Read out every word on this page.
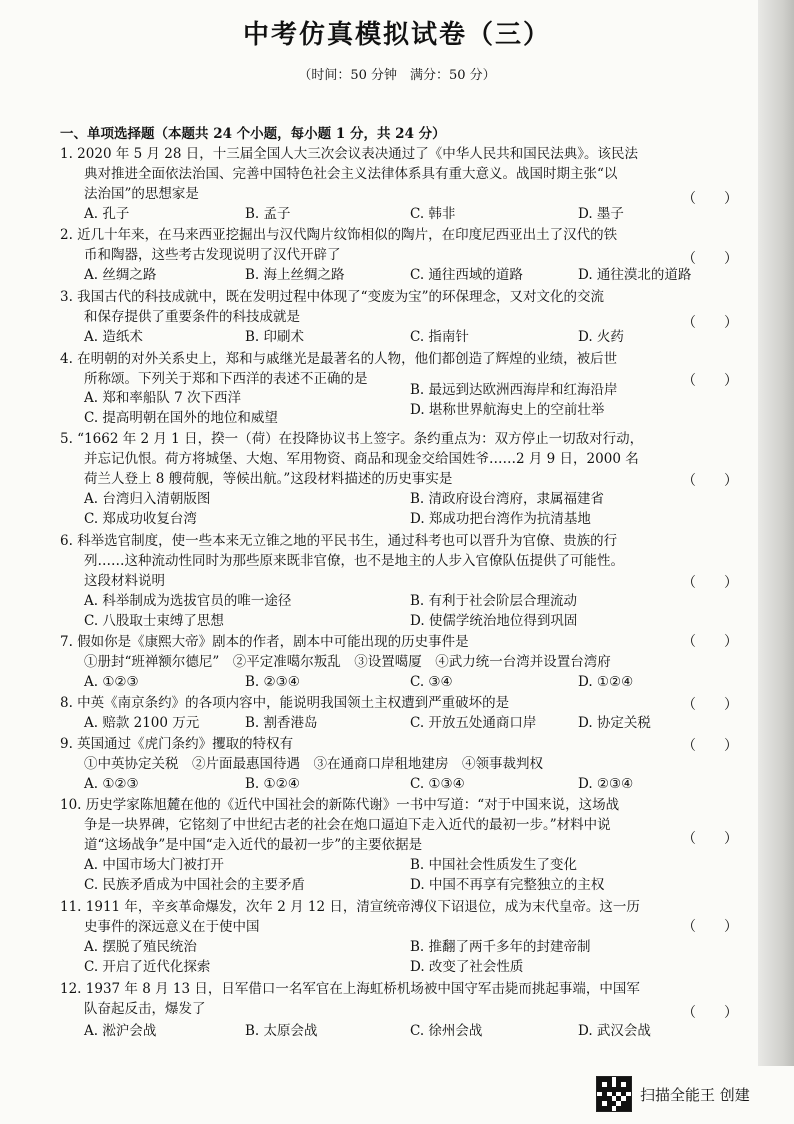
中考仿真模拟试卷（三）
（时间：50 分钟　满分：50 分）
一、单项选择题（本题共 24 个小题，每小题 1 分，共 24 分）
1. 2020 年 5 月 28 日，十三届全国人大三次会议表决通过了《中华人民共和国民法典》。该民法
典对推进全面依法治国、完善中国特色社会主义法律体系具有重大意义。战国时期主张“以
法治国”的思想家是	（　　）
A. 孔子	B. 孟子	C. 韩非	D. 墨子
2. 近几十年来，在马来西亚挖掘出与汉代陶片纹饰相似的陶片，在印度尼西亚出土了汉代的铁
币和陶器，这些考古发现说明了汉代开辟了	（　　）
A. 丝绸之路	B. 海上丝绸之路	C. 通往西域的道路	D. 通往漠北的道路
3. 我国古代的科技成就中，既在发明过程中体现了“变废为宝”的环保理念，又对文化的交流
和保存提供了重要条件的科技成就是	（　　）
A. 造纸术	B. 印刷术	C. 指南针	D. 火药
4. 在明朝的对外关系史上，郑和与戚继光是最著名的人物，他们都创造了辉煌的业绩，被后世
所称颂。下列关于郑和下西洋的表述不正确的是	（　　）
A. 郑和率船队 7 次下西洋	B. 最远到达欧洲西海岸和红海沿岸
C. 提高明朝在国外的地位和威望	D. 堪称世界航海史上的空前壮举
5. “1662 年 2 月 1 日，揆一（荷）在投降协议书上签字。条约重点为：双方停止一切敌对行动，
并忘记仇恨。荷方将城堡、大炮、军用物资、商品和现金交给国姓爷……2 月 9 日，2000 名
荷兰人登上 8 艘荷舰，等候出航。”这段材料描述的历史事实是	（　　）
A. 台湾归入清朝版图	B. 清政府设台湾府，隶属福建省
C. 郑成功收复台湾	D. 郑成功把台湾作为抗清基地
6. 科举选官制度，使一些本来无立锥之地的平民书生，通过科考也可以晋升为官僚、贵族的行
列……这种流动性同时为那些原来既非官僚，也不是地主的人步入官僚队伍提供了可能性。
这段材料说明	（　　）
A. 科举制成为选拔官员的唯一途径	B. 有利于社会阶层合理流动
C. 八股取士束缚了思想	D. 使儒学统治地位得到巩固
7. 假如你是《康熙大帝》剧本的作者，剧本中可能出现的历史事件是	（　　）
①册封“班禅额尔德尼”　②平定准噶尔叛乱　③设置噶厦　④武力统一台湾并设置台湾府
A. ①②③	B. ②③④	C. ③④	D. ①②④
8. 中英《南京条约》的各项内容中，能说明我国领土主权遭到严重破坏的是	（　　）
A. 赔款 2100 万元	B. 割香港岛	C. 开放五处通商口岸	D. 协定关税
9. 英国通过《虎门条约》攫取的特权有	（　　）
①中英协定关税　②片面最惠国待遇　③在通商口岸租地建房　④领事裁判权
A. ①②③	B. ①②④	C. ①③④	D. ②③④
10. 历史学家陈旭麓在他的《近代中国社会的新陈代谢》一书中写道：“对于中国来说，这场战
争是一块界碑，它铭刻了中世纪古老的社会在炮口逼迫下走入近代的最初一步。”材料中说
道“这场战争”是中国“走入近代的最初一步”的主要依据是	（　　）
A. 中国市场大门被打开	B. 中国社会性质发生了变化
C. 民族矛盾成为中国社会的主要矛盾	D. 中国不再享有完整独立的主权
11. 1911 年，辛亥革命爆发，次年 2 月 12 日，清宣统帝溥仪下诏退位，成为末代皇帝。这一历
史事件的深远意义在于使中国	（　　）
A. 摆脱了殖民统治	B. 推翻了两千多年的封建帝制
C. 开启了近代化探索	D. 改变了社会性质
12. 1937 年 8 月 13 日，日军借口一名军官在上海虹桥机场被中国守军击毙而挑起事端，中国军
队奋起反击，爆发了	（　　）
A. 淞沪会战	B. 太原会战	C. 徐州会战	D. 武汉会战
扫描全能王 创建
